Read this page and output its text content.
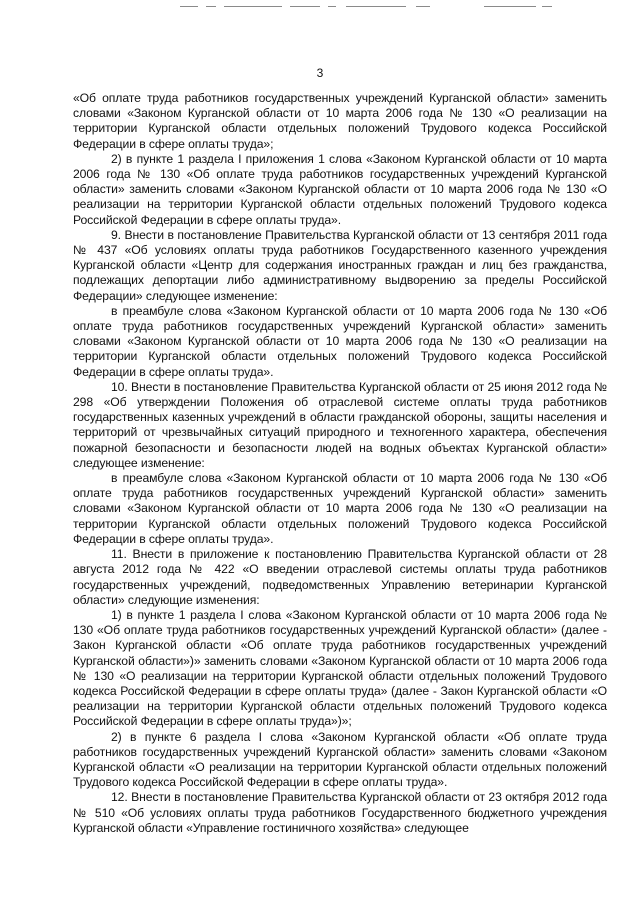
3

«Об оплате труда работников государственных учреждений Курганской области» заменить словами «Законом Курганской области от 10 марта 2006 года № 130 «О реализации на территории Курганской области отдельных положений Трудового кодекса Российской Федерации в сфере оплаты труда»;

2) в пункте 1 раздела I приложения 1 слова «Законом Курганской области от 10 марта 2006 года № 130 «Об оплате труда работников государственных учреждений Курганской области» заменить словами «Законом Курганской области от 10 марта 2006 года № 130 «О реализации на территории Курганской области отдельных положений Трудового кодекса Российской Федерации в сфере оплаты труда».

9. Внести в постановление Правительства Курганской области от 13 сентября 2011 года № 437 «Об условиях оплаты труда работников Государственного казенного учреждения Курганской области «Центр для содержания иностранных граждан и лиц без гражданства, подлежащих депортации либо административному выдворению за пределы Российской Федерации» следующее изменение:

в преамбуле слова «Законом Курганской области от 10 марта 2006 года № 130 «Об оплате труда работников государственных учреждений Курганской области» заменить словами «Законом Курганской области от 10 марта 2006 года № 130 «О реализации на территории Курганской области отдельных положений Трудового кодекса Российской Федерации в сфере оплаты труда».

10. Внести в постановление Правительства Курганской области от 25 июня 2012 года № 298 «Об утверждении Положения об отраслевой системе оплаты труда работников государственных казенных учреждений в области гражданской обороны, защиты населения и территорий от чрезвычайных ситуаций природного и техногенного характера, обеспечения пожарной безопасности и безопасности людей на водных объектах Курганской области» следующее изменение:

в преамбуле слова «Законом Курганской области от 10 марта 2006 года № 130 «Об оплате труда работников государственных учреждений Курганской области» заменить словами «Законом Курганской области от 10 марта 2006 года № 130 «О реализации на территории Курганской области отдельных положений Трудового кодекса Российской Федерации в сфере оплаты труда».

11. Внести в приложение к постановлению Правительства Курганской области от 28 августа 2012 года № 422 «О введении отраслевой системы оплаты труда работников государственных учреждений, подведомственных Управлению ветеринарии Курганской области» следующие изменения:

1) в пункте 1 раздела I слова «Законом Курганской области от 10 марта 2006 года № 130 «Об оплате труда работников государственных учреждений Курганской области» (далее - Закон Курганской области «Об оплате труда работников государственных учреждений Курганской области»)» заменить словами «Законом Курганской области от 10 марта 2006 года № 130 «О реализации на территории Курганской области отдельных положений Трудового кодекса Российской Федерации в сфере оплаты труда» (далее - Закон Курганской области «О реализации на территории Курганской области отдельных положений Трудового кодекса Российской Федерации в сфере оплаты труда»)»;

2) в пункте 6 раздела I слова «Законом Курганской области «Об оплате труда работников государственных учреждений Курганской области» заменить словами «Законом Курганской области «О реализации на территории Курганской области отдельных положений Трудового кодекса Российской Федерации в сфере оплаты труда».

12. Внести в постановление Правительства Курганской области от 23 октября 2012 года № 510 «Об условиях оплаты труда работников Государственного бюджетного учреждения Курганской области «Управление гостиничного хозяйства» следующее
